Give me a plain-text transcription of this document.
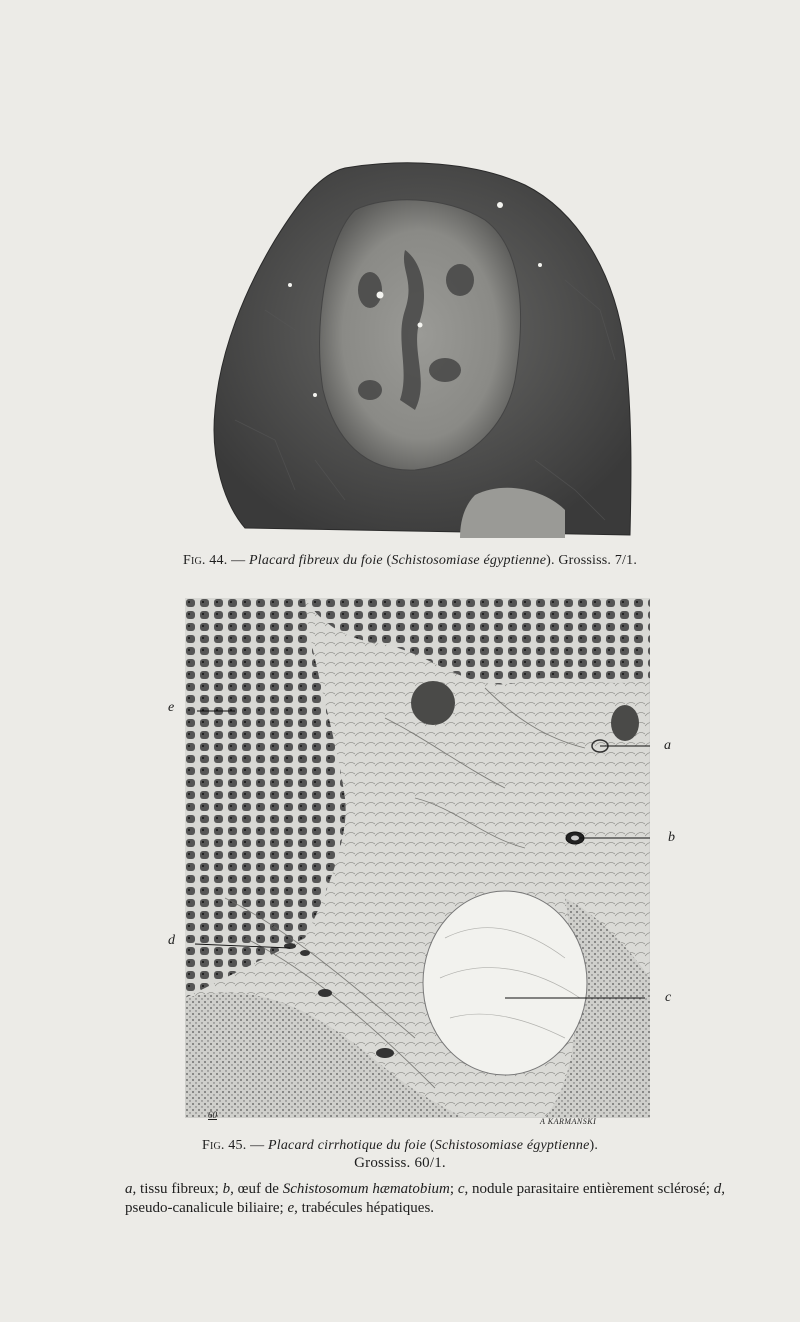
Fig. 44. — Placard fibreux du foie (Schistosomiase égyptienne). Grossiss. 7/1.
e
a
b
d
c
60
A KARMANSKI
Fig. 45. — Placard cirrhotique du foie (Schistosomiase égyptienne).
Grossiss. 60/1.
a, tissu fibreux; b, œuf de Schistosomum hæmatobium; c, nodule parasitaire entièrement sclérosé; d, pseudo-canalicule biliaire; e, trabécules hépatiques.
